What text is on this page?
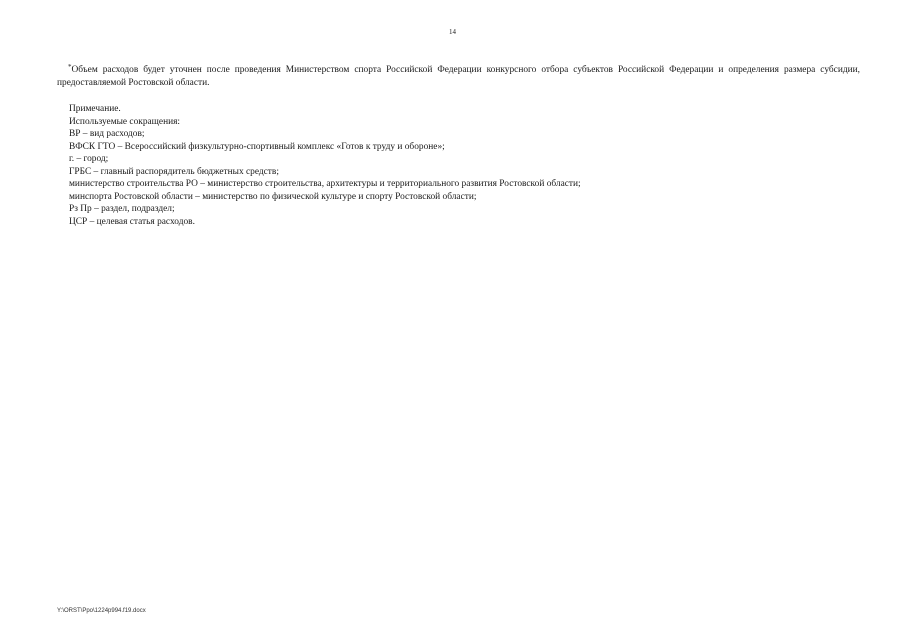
14
*Объем расходов будет уточнен после проведения Министерством спорта Российской Федерации конкурсного отбора субъектов Российской Федерации и определения размера субсидии, предоставляемой Ростовской области.
Примечание.
Используемые сокращения:
ВР – вид расходов;
ВФСК ГТО – Всероссийский физкультурно-спортивный комплекс «Готов к труду и обороне»;
г. – город;
ГРБС – главный распорядитель бюджетных средств;
министерство строительства РО – министерство строительства, архитектуры и территориального развития Ростовской области;
минспорта Ростовской области – министерство по физической культуре и спорту Ростовской области;
Рз Пр – раздел, подраздел;
ЦСР – целевая статья расходов.
Y:\ORST\Ppo\1224p994.f19.docx
